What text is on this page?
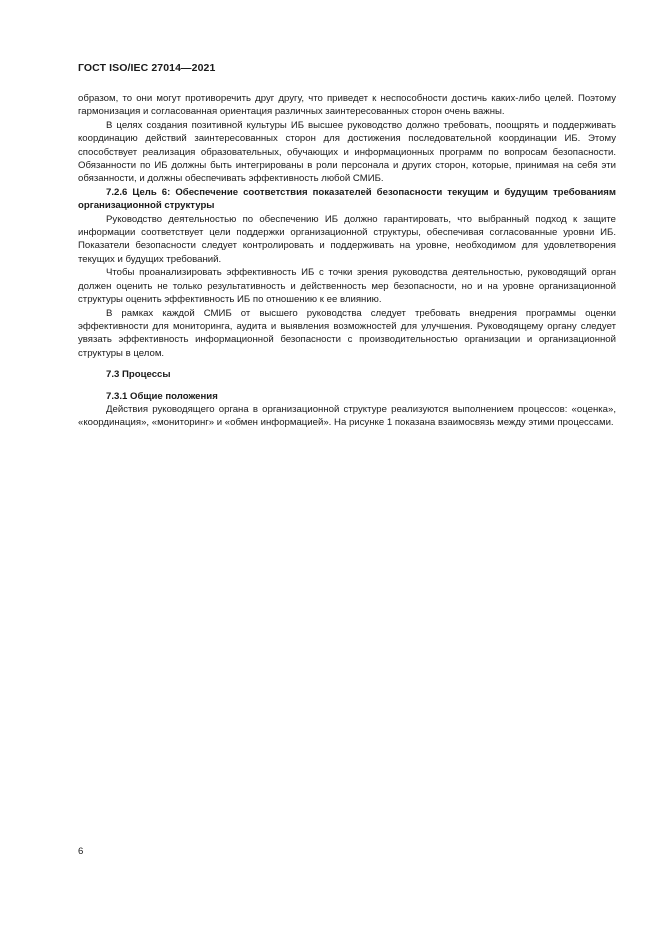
ГОСТ ISO/IEC 27014—2021

образом, то они могут противоречить друг другу, что приведет к неспособности достичь каких-либо целей. Поэтому гармонизация и согласованная ориентация различных заинтересованных сторон очень важны.

В целях создания позитивной культуры ИБ высшее руководство должно требовать, поощрять и поддерживать координацию действий заинтересованных сторон для достижения последовательной координации ИБ. Этому способствует реализация образовательных, обучающих и информационных программ по вопросам безопасности. Обязанности по ИБ должны быть интегрированы в роли персонала и других сторон, которые, принимая на себя эти обязанности, и должны обеспечивать эффективность любой СМИБ.

7.2.6 Цель 6: Обеспечение соответствия показателей безопасности текущим и будущим требованиям организационной структуры

Руководство деятельностью по обеспечению ИБ должно гарантировать, что выбранный подход к защите информации соответствует цели поддержки организационной структуры, обеспечивая согласованные уровни ИБ. Показатели безопасности следует контролировать и поддерживать на уровне, необходимом для удовлетворения текущих и будущих требований.

Чтобы проанализировать эффективность ИБ с точки зрения руководства деятельностью, руководящий орган должен оценить не только результативность и действенность мер безопасности, но и на уровне организационной структуры оценить эффективность ИБ по отношению к ее влиянию.

В рамках каждой СМИБ от высшего руководства следует требовать внедрения программы оценки эффективности для мониторинга, аудита и выявления возможностей для улучшения. Руководящему органу следует увязать эффективность информационной безопасности с производительностью организации и организационной структуры в целом.

7.3 Процессы

7.3.1 Общие положения

Действия руководящего органа в организационной структуре реализуются выполнением процессов: «оценка», «координация», «мониторинг» и «обмен информацией». На рисунке 1 показана взаимосвязь между этими процессами.

6
